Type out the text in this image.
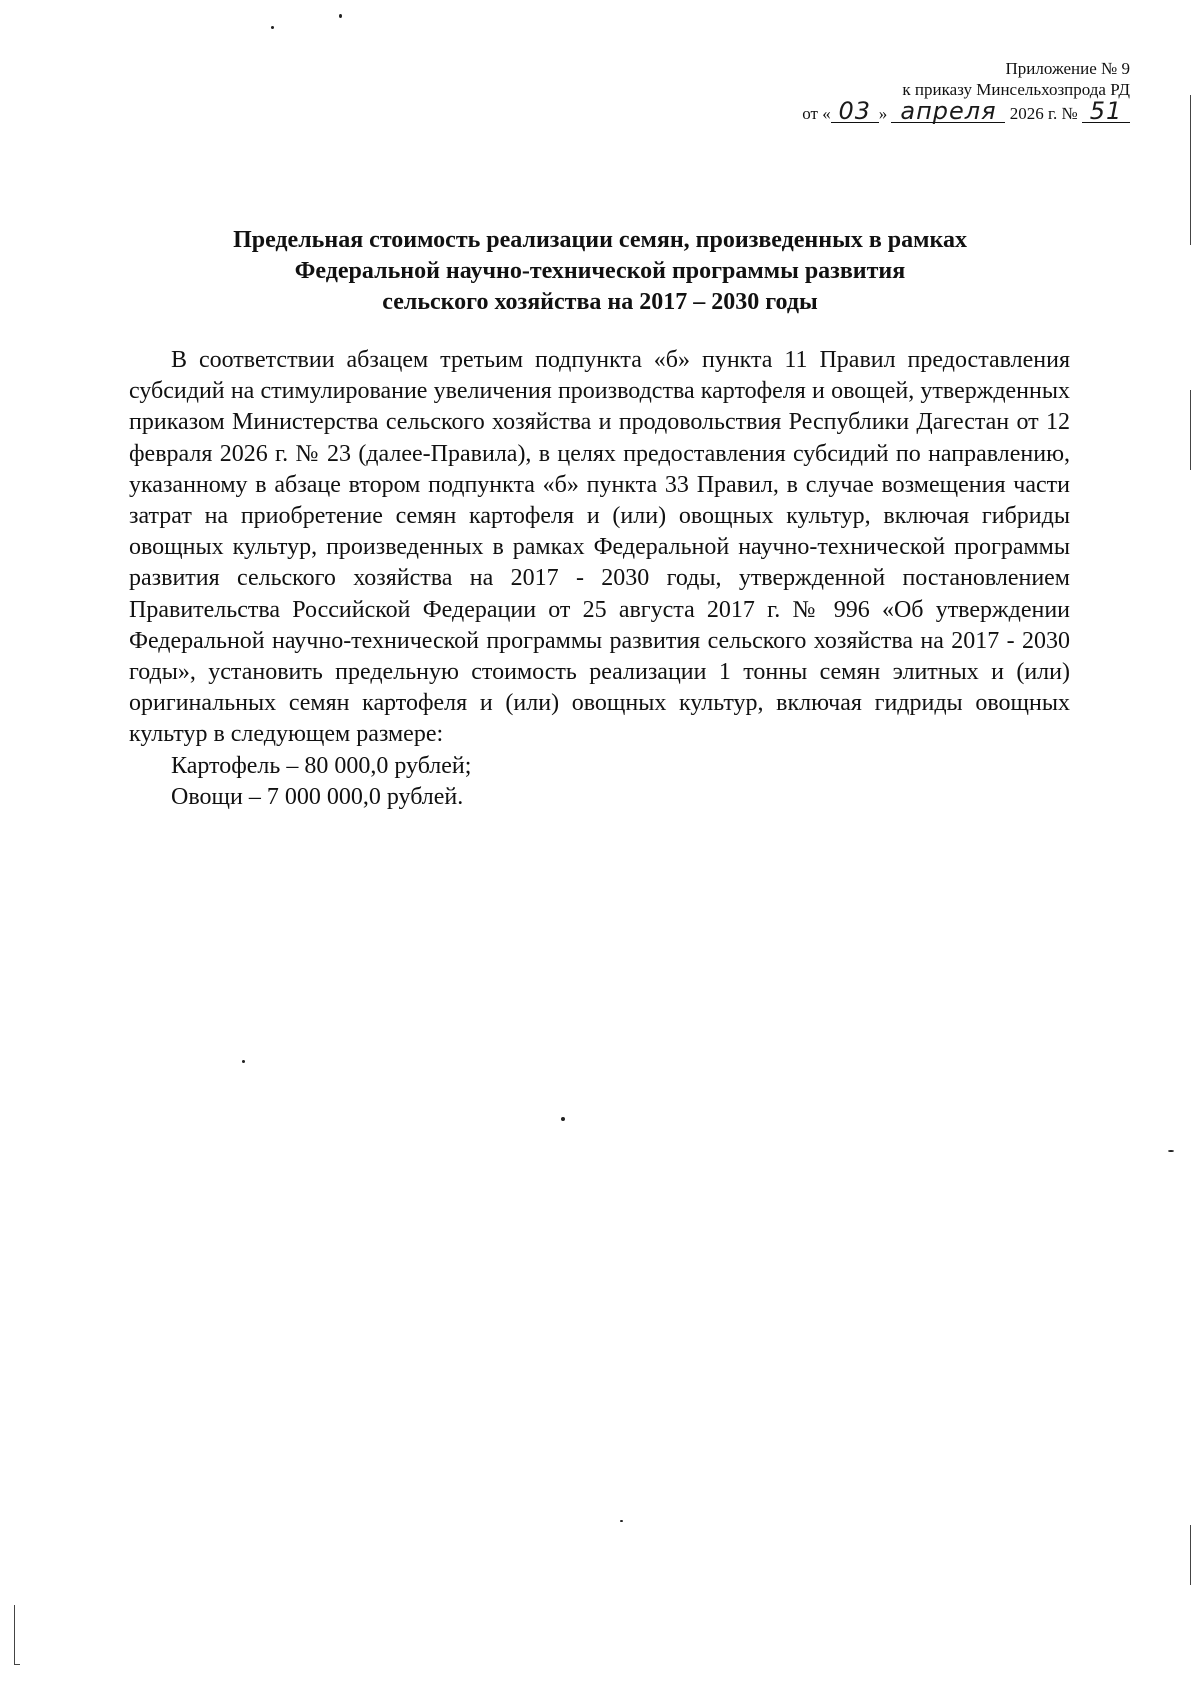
Приложение № 9
к приказу Минсельхозпрода РД
от « 03 » апреля 2026 г. № 51
Предельная стоимость реализации семян, произведенных в рамках
Федеральной научно-технической программы развития
сельского хозяйства на 2017 – 2030 годы

В соответствии абзацем третьим подпункта «б» пункта 11 Правил предоставления субсидий на стимулирование увеличения производства картофеля и овощей, утвержденных приказом Министерства сельского хозяйства и продовольствия Республики Дагестан от 12 февраля 2026 г. № 23 (далее-Правила), в целях предоставления субсидий по направлению, указанному в абзаце втором подпункта «б» пункта 33 Правил, в случае возмещения части затрат на приобретение семян картофеля и (или) овощных культур, включая гибриды овощных культур, произведенных в рамках Федеральной научно-технической программы развития сельского хозяйства на 2017 - 2030 годы, утвержденной постановлением Правительства Российской Федерации от 25 августа 2017 г. № 996 «Об утверждении Федеральной научно-технической программы развития сельского хозяйства на 2017 - 2030 годы», установить предельную стоимость реализации 1 тонны семян элитных и (или) оригинальных семян картофеля и (или) овощных культур, включая гидриды овощных культур в следующем размере:

Картофель – 80 000,0 рублей;

Овощи – 7 000 000,0 рублей.
